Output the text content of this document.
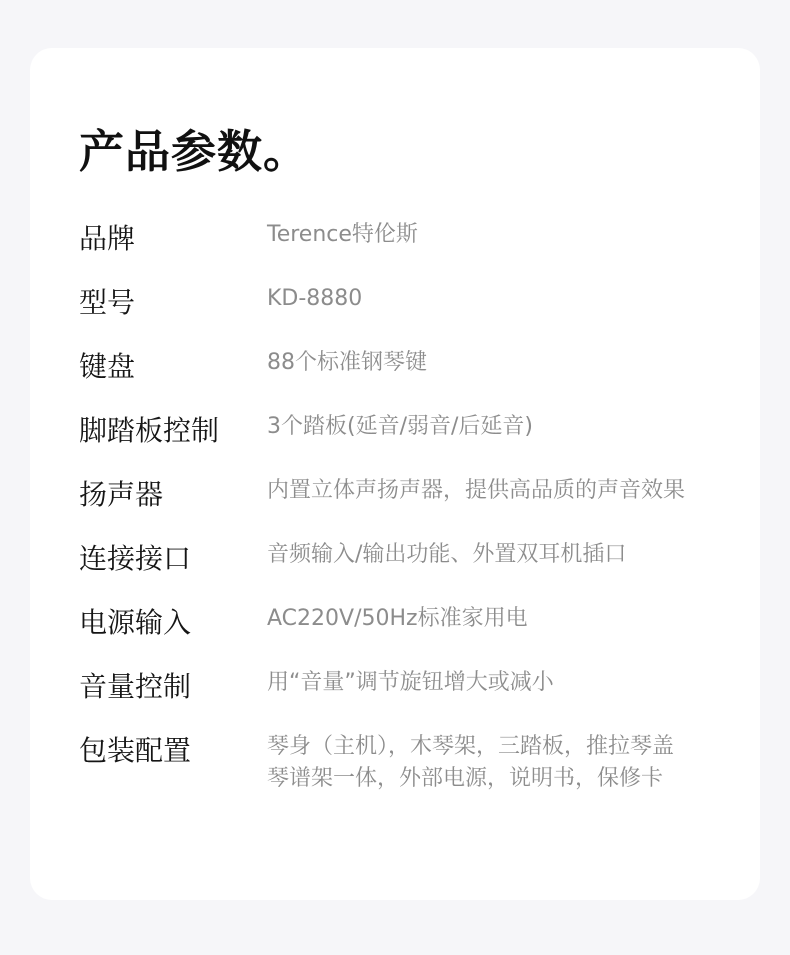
产品参数。
品牌	Terence特伦斯
型号	KD-8880
键盘	88个标准钢琴键
脚踏板控制 3个踏板(延音/弱音/后延音)
扬声器	内置立体声扬声器，提供高品质的声音效果
连接接口	音频输入/输出功能、外置双耳机插口
电源输入	AC220V/50Hz标准家用电
音量控制	用“音量”调节旋钮增大或减小
包装配置	琴身（主机），木琴架，三踏板，推拉琴盖
琴谱架一体，外部电源，说明书，保修卡
